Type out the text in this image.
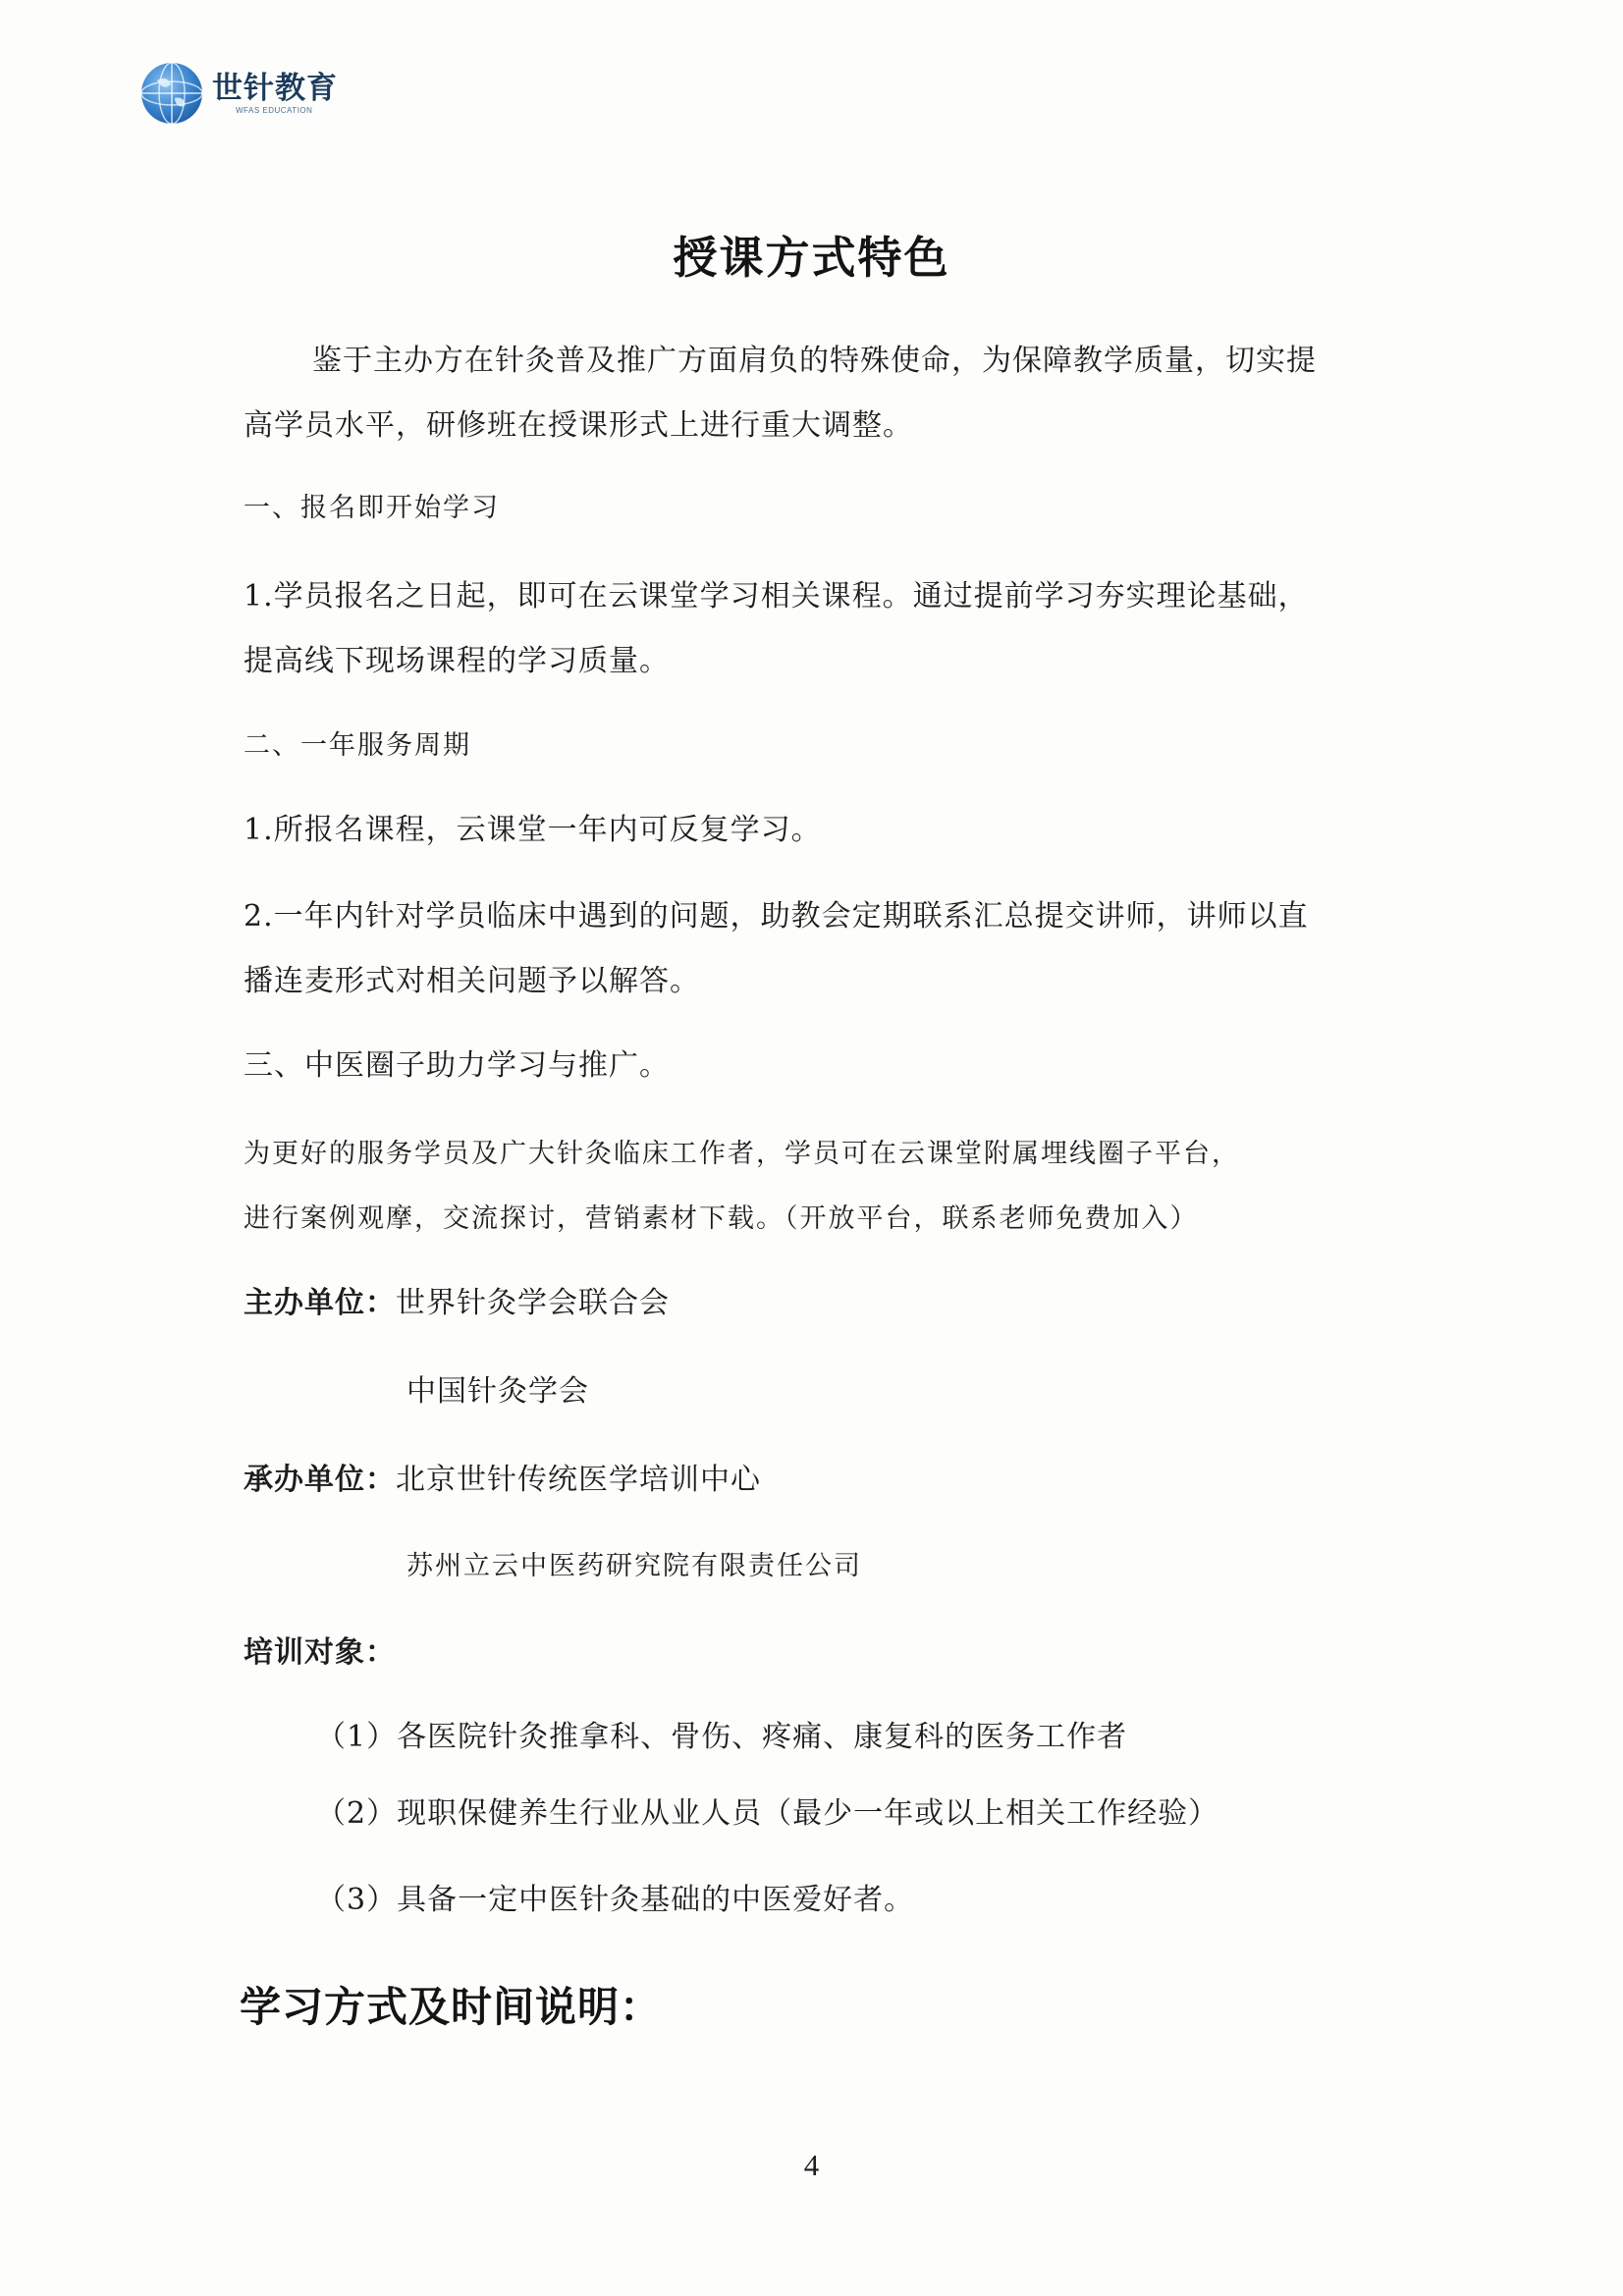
世针教育
WFAS EDUCATION
授课方式特色
鉴于主办方在针灸普及推广方面肩负的特殊使命，为保障教学质量，切实提
高学员水平，研修班在授课形式上进行重大调整。
一、报名即开始学习
1.学员报名之日起，即可在云课堂学习相关课程。通过提前学习夯实理论基础，
提高线下现场课程的学习质量。
二、一年服务周期
1.所报名课程，云课堂一年内可反复学习。
2.一年内针对学员临床中遇到的问题，助教会定期联系汇总提交讲师，讲师以直
播连麦形式对相关问题予以解答。
三、中医圈子助力学习与推广。
为更好的服务学员及广大针灸临床工作者，学员可在云课堂附属埋线圈子平台，
进行案例观摩，交流探讨，营销素材下载。（开放平台，联系老师免费加入）
主办单位：世界针灸学会联合会
中国针灸学会
承办单位：北京世针传统医学培训中心
苏州立云中医药研究院有限责任公司
培训对象：
（1）各医院针灸推拿科、骨伤、疼痛、康复科的医务工作者
（2）现职保健养生行业从业人员（最少一年或以上相关工作经验）
（3）具备一定中医针灸基础的中医爱好者。
学习方式及时间说明：
4
